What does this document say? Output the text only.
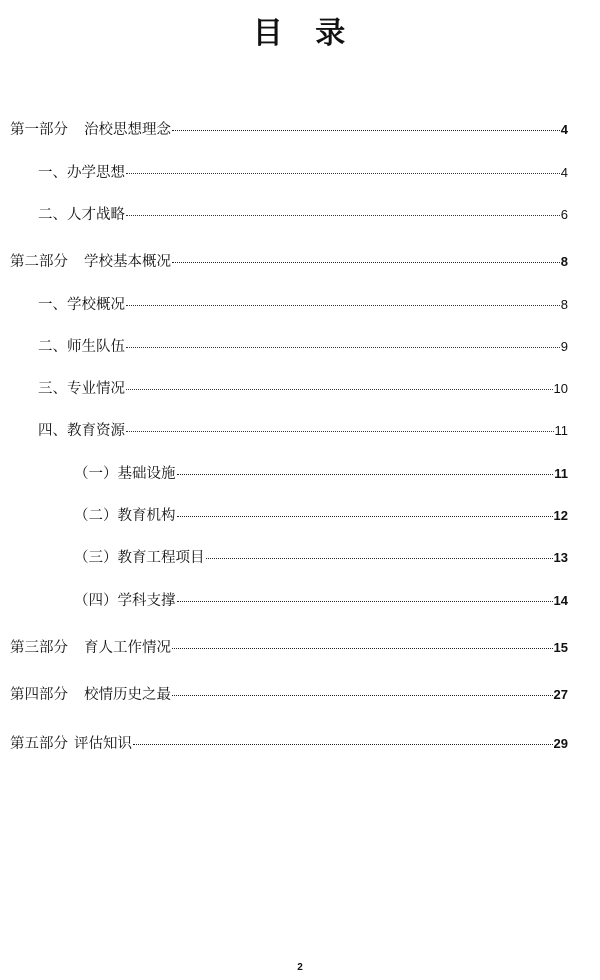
目 录
第一部分 治校思想理念	4
一、办学思想	4
二、人才战略	6
第二部分 学校基本概况	8
一、学校概况	8
二、师生队伍	9
三、专业情况	10
四、教育资源	11
（一）基础设施	11
（二）教育机构	12
（三）教育工程项目	13
（四）学科支撑	14
第三部分 育人工作情况	15
第四部分 校情历史之最	27
第五部分 评估知识	29
2
